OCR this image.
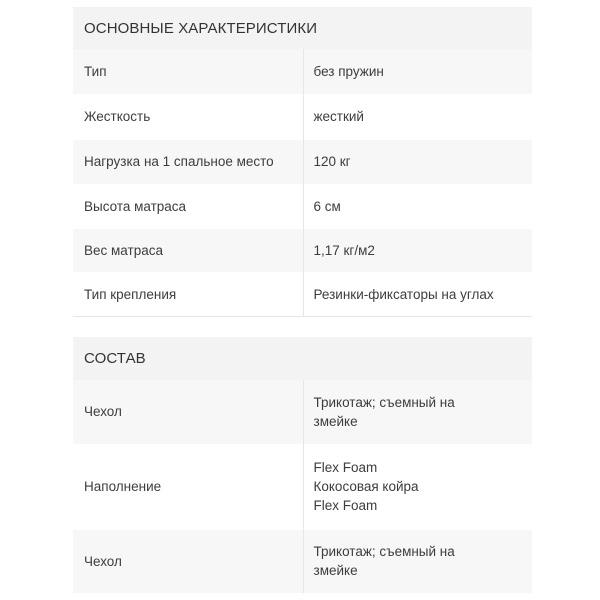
ОСНОВНЫЕ ХАРАКТЕРИСТИКИ
Тип	без пружин
Жесткость	жесткий
Нагрузка на 1 спальное место	120 кг
Высота матраса	6 см
Вес матраса	1,17 кг/м2
Тип крепления	Резинки-фиксаторы на углах
СОСТАВ
Чехол	Трикотаж; съемный на
змейке

Наполнение	Flex Foam
Кокосовая койра
Flex Foam

Чехол	Трикотаж; съемный на
змейке
